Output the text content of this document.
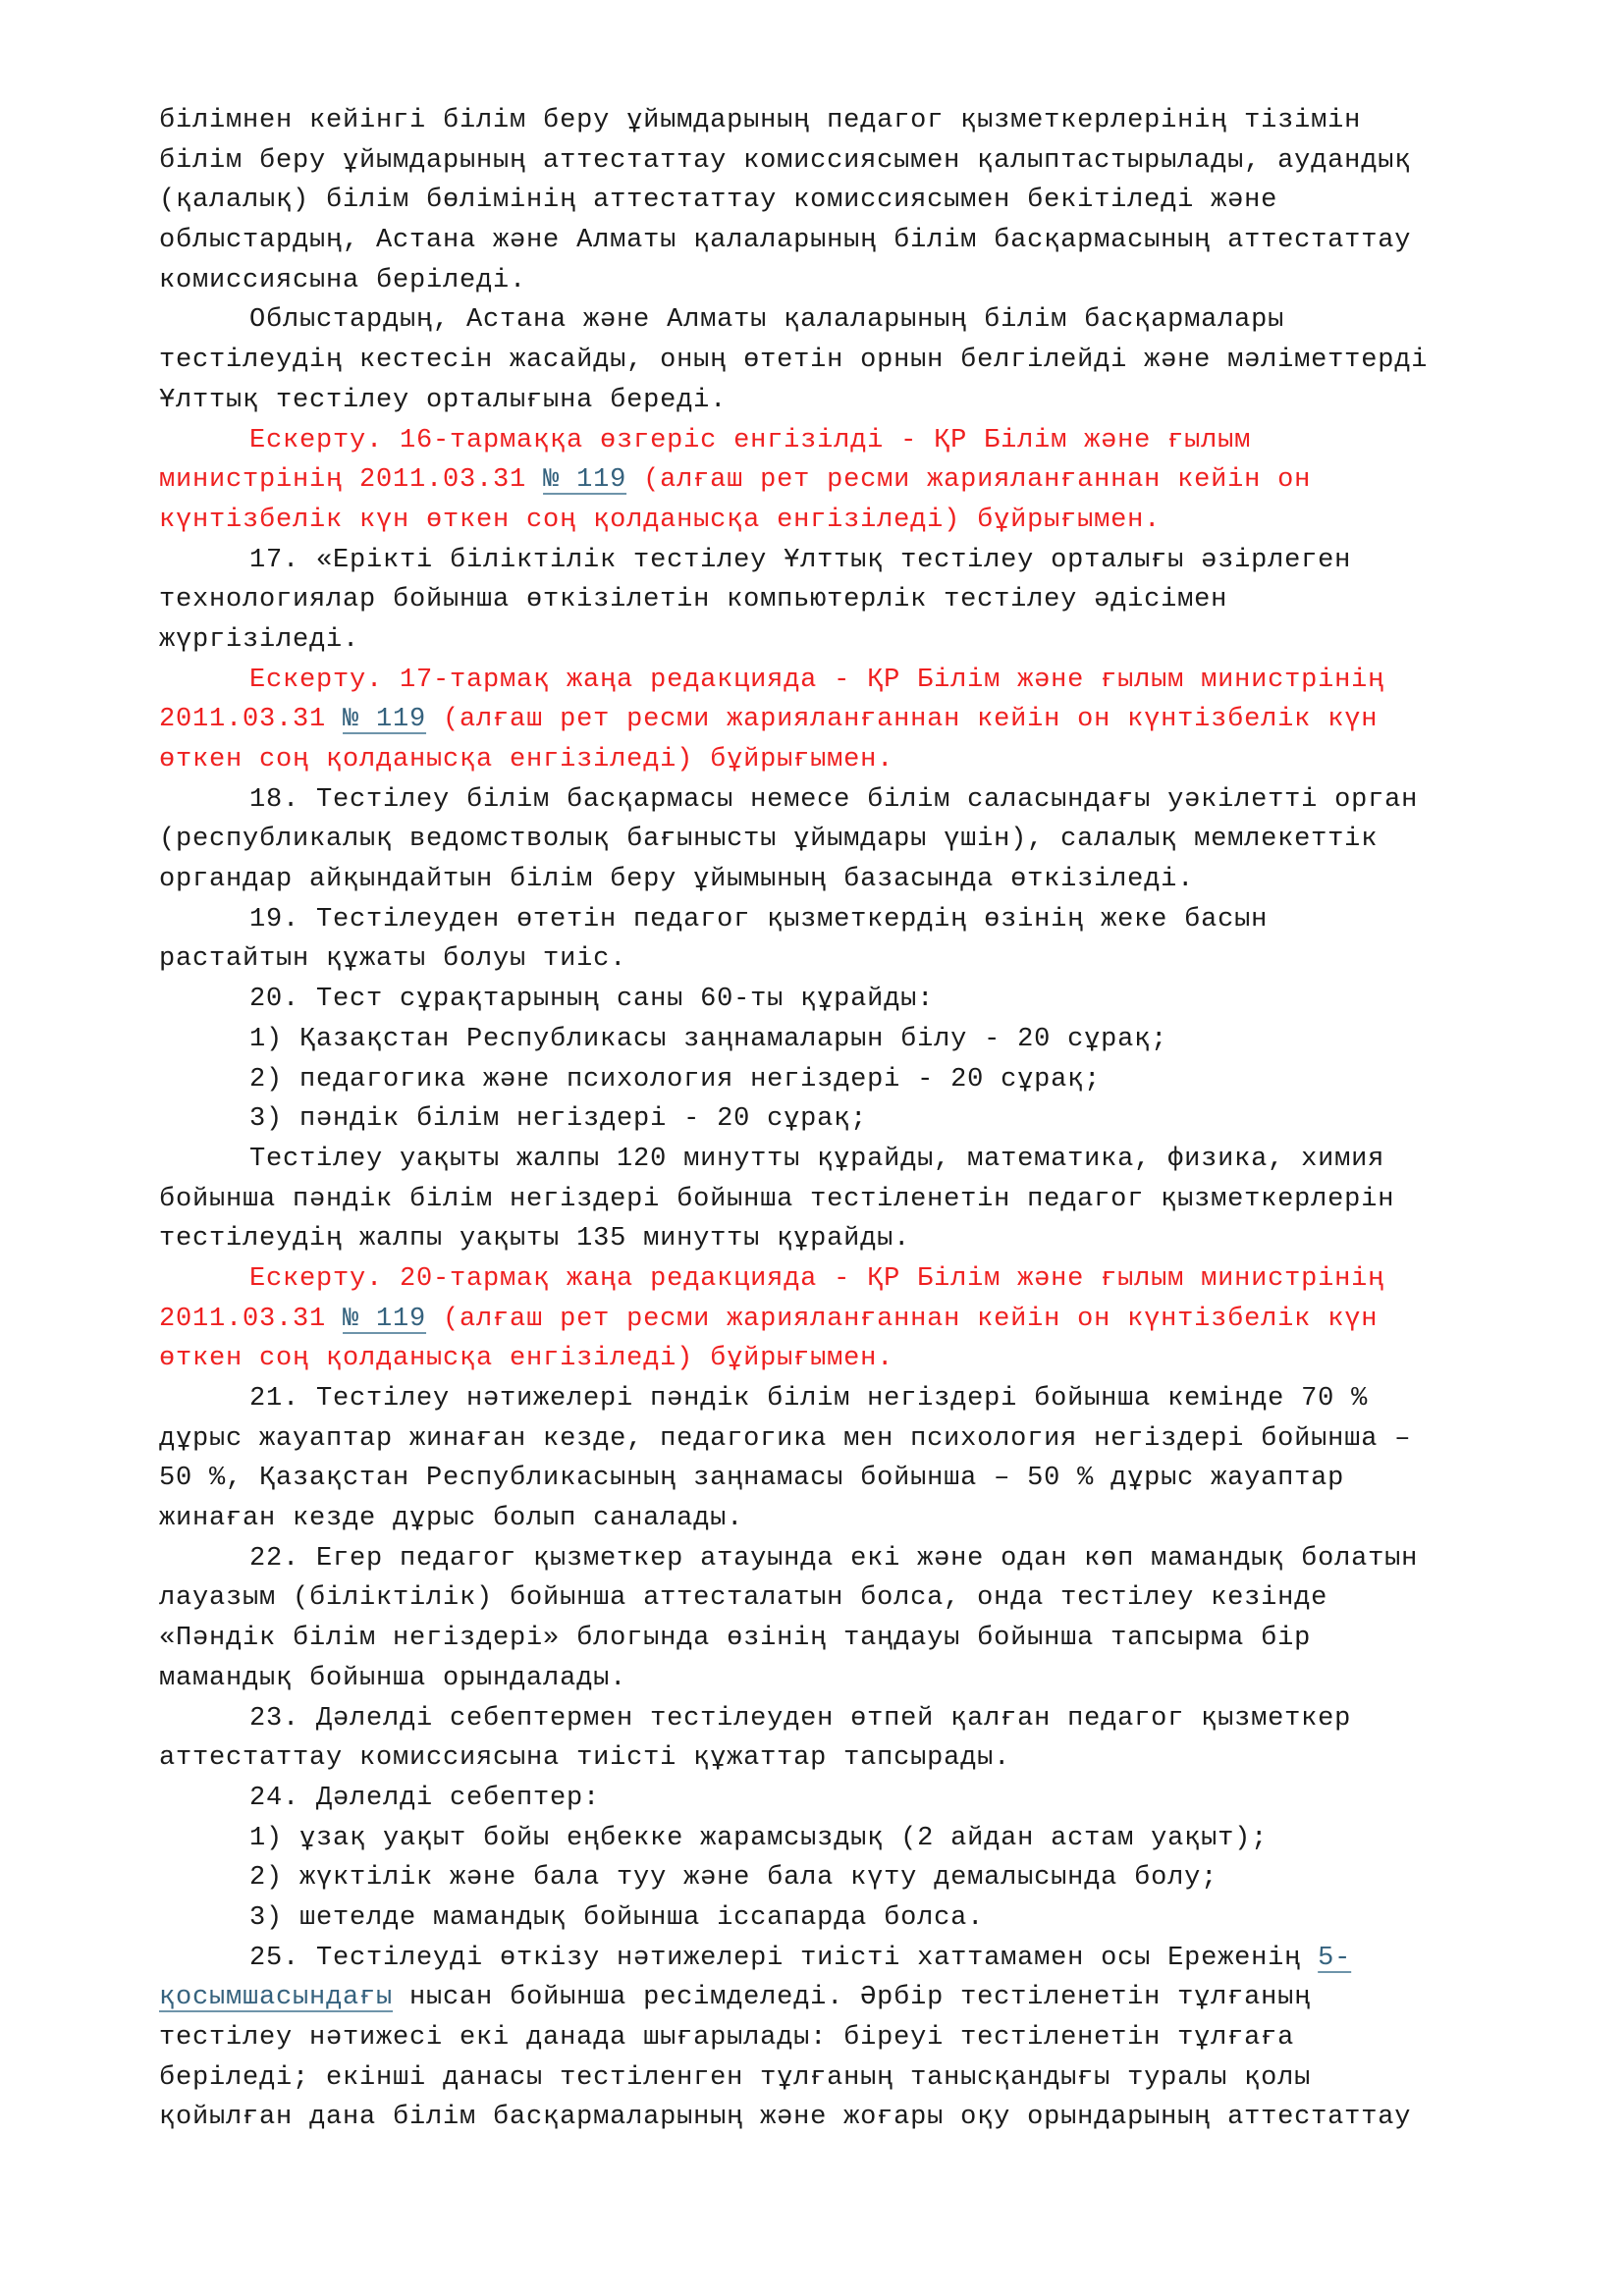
білімнен кейінгі білім беру ұйымдарының педагог қызметкерлерінің тізімін
білім беру ұйымдарының аттестаттау комиссиясымен қалыптастырылады, аудандық
(қалалық) білім бөлімінің аттестаттау комиссиясымен бекітіледі және
облыстардың, Астана және Алматы қалаларының білім басқармасының аттестаттау
комиссиясына беріледі.
Облыстардың, Астана және Алматы қалаларының білім басқармалары
тестілеудің кестесін жасайды, оның өтетін орнын белгілейді және мәліметтерді
Ұлттық тестілеу орталығына береді.
Ескерту. 16-тармаққа өзгеріс енгізілді - ҚР Білім және ғылым
министрінің 2011.03.31 № 119 (алғаш рет ресми жарияланғаннан кейін он
күнтізбелік күн өткен соң қолданысқа енгізіледі) бұйрығымен.
17. «Ерікті біліктілік тестілеу Ұлттық тестілеу орталығы әзірлеген
технологиялар бойынша өткізілетін компьютерлік тестілеу әдісімен
жүргізіледі.
Ескерту. 17-тармақ жаңа редакцияда - ҚР Білім және ғылым министрінің
2011.03.31 № 119 (алғаш рет ресми жарияланғаннан кейін он күнтізбелік күн
өткен соң қолданысқа енгізіледі) бұйрығымен.
18. Тестілеу білім басқармасы немесе білім саласындағы уәкілетті орган
(республикалық ведомстволық бағынысты ұйымдары үшін), салалық мемлекеттік
органдар айқындайтын білім беру ұйымының базасында өткізіледі.
19. Тестілеуден өтетін педагог қызметкердің өзінің жеке басын
растайтын құжаты болуы тиіс.
20. Тест сұрақтарының саны 60-ты құрайды:
1) Қазақстан Республикасы заңнамаларын білу - 20 сұрақ;
2) педагогика және психология негіздері - 20 сұрақ;
3) пәндік білім негіздері - 20 сұрақ;
Тестілеу уақыты жалпы 120 минутты құрайды, математика, физика, химия
бойынша пәндік білім негіздері бойынша тестіленетін педагог қызметкерлерін
тестілеудің жалпы уақыты 135 минутты құрайды.
Ескерту. 20-тармақ жаңа редакцияда - ҚР Білім және ғылым министрінің
2011.03.31 № 119 (алғаш рет ресми жарияланғаннан кейін он күнтізбелік күн
өткен соң қолданысқа енгізіледі) бұйрығымен.
21. Тестілеу нәтижелері пәндік білім негіздері бойынша кемінде 70 %
дұрыс жауаптар жинаған кезде, педагогика мен психология негіздері бойынша –
50 %, Қазақстан Республикасының заңнамасы бойынша – 50 % дұрыс жауаптар
жинаған кезде дұрыс болып саналады.
22. Егер педагог қызметкер атауында екі және одан көп мамандық болатын
лауазым (біліктілік) бойынша аттесталатын болса, онда тестілеу кезінде
«Пәндік білім негіздері» блогында өзінің таңдауы бойынша тапсырма бір
мамандық бойынша орындалады.
23. Дәлелді себептермен тестілеуден өтпей қалған педагог қызметкер
аттестаттау комиссиясына тиісті құжаттар тапсырады.
24. Дәлелді себептер:
1) ұзақ уақыт бойы еңбекке жарамсыздық (2 айдан астам уақыт);
2) жүктілік және бала туу және бала күту демалысында болу;
3) шетелде мамандық бойынша іссапарда болса.
25. Тестілеуді өткізу нәтижелері тиісті хаттамамен осы Ереженің 5-
қосымшасындағы нысан бойынша ресімделеді. Әрбір тестіленетін тұлғаның
тестілеу нәтижесі екі данада шығарылады: біреуі тестіленетін тұлғаға
беріледі; екінші данасы тестіленген тұлғаның танысқандығы туралы қолы
қойылған дана білім басқармаларының және жоғары оқу орындарының аттестаттау
